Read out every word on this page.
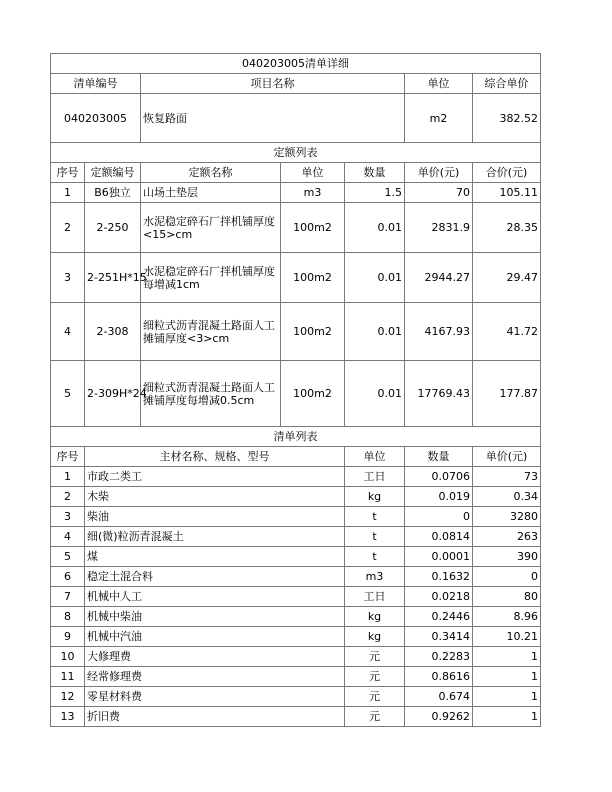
040203005清单详细							
清单编号		项目名称			单位	综合单价	
040203005		恢复路面			m2	382.52	
定额列表							
序号	定额编号	定额名称	单位	数量	单价(元)	合价(元)	
1	B6独立	山场土垫层	m3	1.5	70	105.11	
2	2-250	水泥稳定碎石厂拌机铺厚度<15>cm	100m2	0.01	2831.9	28.35	
3	2-251H*15	水泥稳定碎石厂拌机铺厚度每增减1cm	100m2	0.01	2944.27	29.47	
4	2-308	细粒式沥青混凝土路面人工摊铺厚度<3>cm	100m2	0.01	4167.93	41.72	
5	2-309H*24	细粒式沥青混凝土路面人工摊铺厚度每增减0.5cm	100m2	0.01	17769.43	177.87	
清单列表							
序号	主材名称、规格、型号			单位	数量	单价(元)	
1	市政二类工			工日	0.0706	73	
2	木柴			kg	0.019	0.34	
3	柴油			t	0	3280	
4	细(微)粒沥青混凝土			t	0.0814	263	
5	煤			t	0.0001	390	
6	稳定土混合料			m3	0.1632	0	
7	机械中人工			工日	0.0218	80	
8	机械中柴油			kg	0.2446	8.96	
9	机械中汽油			kg	0.3414	10.21	
10	大修理费			元	0.2283	1	
11	经常修理费			元	0.8616	1	
12	零星材料费			元	0.674	1	
13	折旧费			元	0.9262	1	
